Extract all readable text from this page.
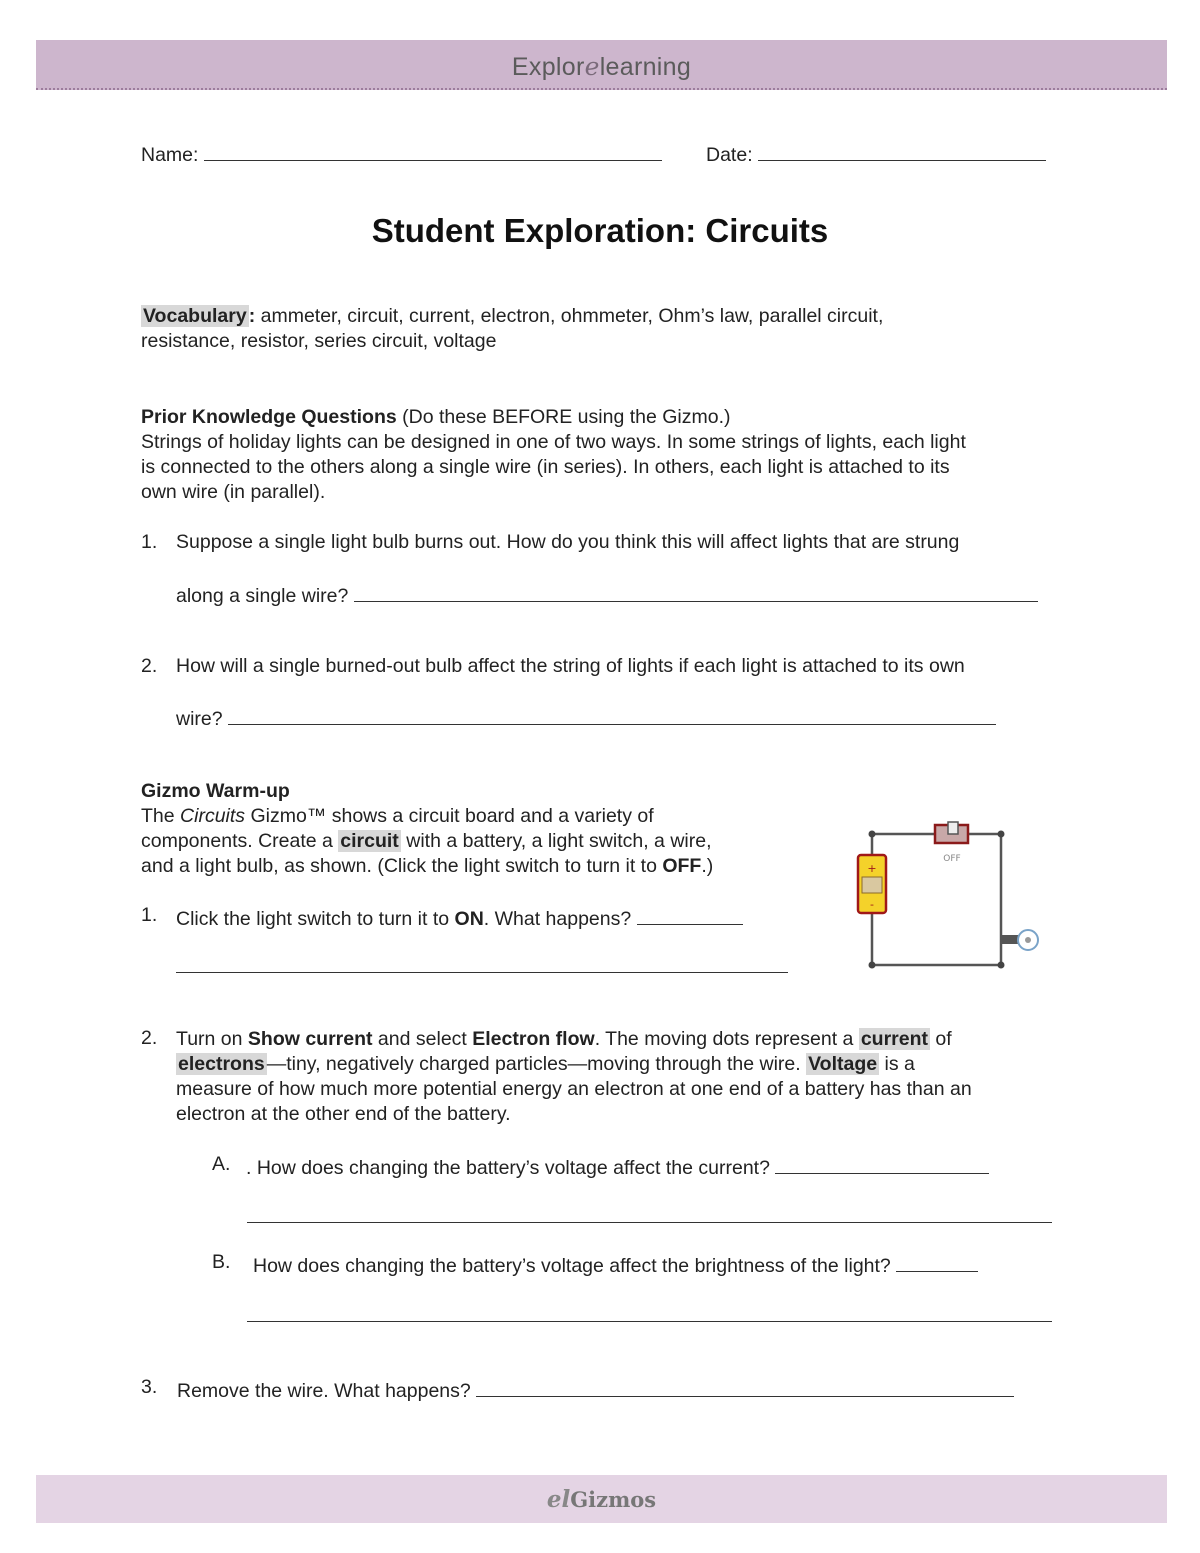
Explorelearning
Name:	Date:
Student Exploration: Circuits
Vocabulary : ammeter, circuit, current, electron, ohmmeter, Ohm’s law, parallel circuit,
resistance, resistor, series circuit, voltage
Prior Knowledge Questions (Do these BEFORE using the Gizmo.)
Strings of holiday lights can be designed in one of two ways. In some strings of lights, each light
is connected to the others along a single wire (in series). In others, each light is attached to its
own wire (in parallel).
1. Suppose a single light bulb burns out. How do you think this will affect lights that are strung
along a single wire?
2. How will a single burned-out bulb affect the string of lights if each light is attached to its own
wire?
Gizmo Warm-up
The Circuits Gizmo™ shows a circuit board and a variety of
components. Create a circuit with a battery, a light switch, a wire,
and a light bulb, as shown. (Click the light switch to turn it to OFF.)
1. Click the light switch to turn it to ON. What happens?
OFF
+
-
2. Turn on Show current and select Electron flow. The moving dots represent a current of
electrons —tiny, negatively charged particles—moving through the wire. Voltage is a
measure of how much more potential energy an electron at one end of a battery has than an
electron at the other end of the battery.
A. . How does changing the battery’s voltage affect the current?
B. How does changing the battery’s voltage affect the brightness of the light?
3. Remove the wire. What happens?
elGizmos
